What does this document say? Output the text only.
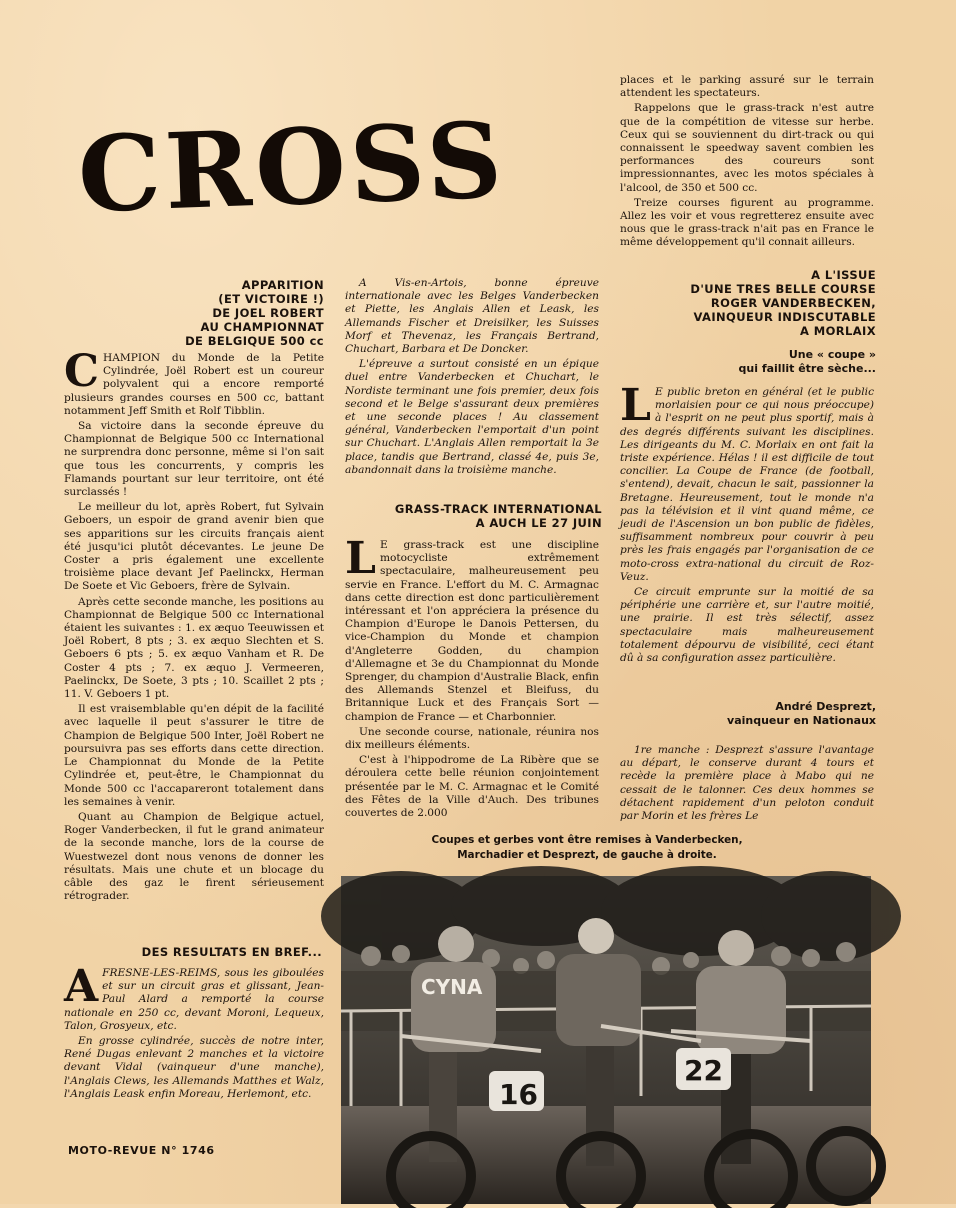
CROSS
APPARITION
(ET VICTOIRE !)
DE JOEL ROBERT
AU CHAMPIONNAT
DE BELGIQUE 500 cc

CHAMPION du Monde de la Petite Cylindrée, Joël Robert est un coureur polyvalent qui a encore remporté plusieurs grandes courses en 500 cc, battant notamment Jeff Smith et Rolf Tibblin.

Sa victoire dans la seconde épreuve du Championnat de Belgique 500 cc International ne surprendra donc personne, même si l'on sait que tous les concurrents, y compris les Flamands pourtant sur leur territoire, ont été surclassés !

Le meilleur du lot, après Robert, fut Sylvain Geboers, un espoir de grand avenir bien que ses apparitions sur les circuits français aient été jusqu'ici plutôt décevantes. Le jeune De Coster a pris également une excellente troisième place devant Jef Paelinckx, Herman De Soete et Vic Geboers, frère de Sylvain.

Après cette seconde manche, les positions au Championnat de Belgique 500 cc International étaient les suivantes : 1. ex æquo Teeuwissen et Joël Robert, 8 pts ; 3. ex æquo Slechten et S. Geboers 6 pts ; 5. ex æquo Vanham et R. De Coster 4 pts ; 7. ex æquo J. Vermeeren, Paelinckx, De Soete, 3 pts ; 10. Scaillet 2 pts ; 11. V. Geboers 1 pt.

Il est vraisemblable qu'en dépit de la facilité avec laquelle il peut s'assurer le titre de Champion de Belgique 500 Inter, Joël Robert ne poursuivra pas ses efforts dans cette direction. Le Championnat du Monde de la Petite Cylindrée et, peut-être, le Championnat du Monde 500 cc l'accapareront totalement dans les semaines à venir.

Quant au Champion de Belgique actuel, Roger Vanderbecken, il fut le grand animateur de la seconde manche, lors de la course de Wuestwezel dont nous venons de donner les résultats. Mais une chute et un blocage du câble des gaz le firent sérieusement rétrograder.

DES RESULTATS EN BREF...

AFRESNE-LES-REIMS, sous les giboulées et sur un circuit gras et glissant, Jean-Paul Alard a remporté la course nationale en 250 cc, devant Moroni, Lequeux, Talon, Grosyeux, etc.

En grosse cylindrée, succès de notre inter, René Dugas enlevant 2 manches et la victoire devant Vidal (vainqueur d'une manche), l'Anglais Clews, les Allemands Matthes et Walz, l'Anglais Leask enfin Moreau, Herlemont, etc.

MOTO-REVUE N° 1746

A Vis-en-Artois, bonne épreuve internationale avec les Belges Vanderbecken et Piette, les Anglais Allen et Leask, les Allemands Fischer et Dreisilker, les Suisses Morf et Thevenaz, les Français Bertrand, Chuchart, Barbara et De Doncker.

L'épreuve a surtout consisté en un épique duel entre Vanderbecken et Chuchart, le Nordiste terminant une fois premier, deux fois second et le Belge s'assurant deux premières et une seconde places ! Au classement général, Vanderbecken l'emportait d'un point sur Chuchart. L'Anglais Allen remportait la 3e place, tandis que Bertrand, classé 4e, puis 3e, abandonnait dans la troisième manche.

GRASS-TRACK INTERNATIONAL
A AUCH LE 27 JUIN

L E grass-track est une discipline motocycliste extrêmement spectaculaire, malheureusement peu servie en France. L'effort du M. C. Armagnac dans cette direction est donc particulièrement intéressant et l'on appréciera la présence du Champion d'Europe le Danois Pettersen, du vice-Champion du Monde et champion d'Angleterre Godden, du champion d'Allemagne et 3e du Championnat du Monde Sprenger, du champion d'Australie Black, enfin des Allemands Stenzel et Bleifuss, du Britannique Luck et des Français Sort — champion de France — et Charbonnier.

Une seconde course, nationale, réunira nos dix meilleurs éléments.

C'est à l'hippodrome de La Ribère que se déroulera cette belle réunion conjointement présentée par le M. C. Armagnac et le Comité des Fêtes de la Ville d'Auch. Des tribunes couvertes de 2.000

places et le parking assuré sur le terrain attendent les spectateurs.

Rappelons que le grass-track n'est autre que de la compétition de vitesse sur herbe. Ceux qui se souviennent du dirt-track ou qui connaissent le speedway savent combien les performances des coureurs sont impressionnantes, avec les motos spéciales à l'alcool, de 350 et 500 cc.

Treize courses figurent au programme. Allez les voir et vous regretterez ensuite avec nous que le grass-track n'ait pas en France le même développement qu'il connait ailleurs.

A L'ISSUE
D'UNE TRES BELLE COURSE
ROGER VANDERBECKEN,
VAINQUEUR INDISCUTABLE
A MORLAIX
Une « coupe »
qui faillit être sèche...

L E public breton en général (et le public morlaisien pour ce qui nous préoccupe) à l'esprit on ne peut plus sportif, mais à des degrés différents suivant les disciplines. Les dirigeants du M. C. Morlaix en ont fait la triste expérience. Hélas ! il est difficile de tout concilier. La Coupe de France (de football, s'entend), devait, chacun le sait, passionner la Bretagne. Heureusement, tout le monde n'a pas la télévision et il vint quand même, ce jeudi de l'Ascension un bon public de fidèles, suffisamment nombreux pour couvrir à peu près les frais engagés par l'organisation de ce moto-cross extra-national du circuit de Roz-Veuz.

Ce circuit emprunte sur la moitié de sa périphérie une carrière et, sur l'autre moitié, une prairie. Il est très sélectif, assez spectaculaire mais malheureusement totalement dépourvu de visibilité, ceci étant dû à sa configuration assez particulière.

André Desprezt,
vainqueur en Nationaux

1re manche : Desprezt s'assure l'avantage au départ, le conserve durant 4 tours et recède la première place à Mabo qui ne cessait de le talonner. Ces deux hommes se détachent rapidement d'un peloton conduit par Morin et les frères Le

Coupes et gerbes vont être remises à Vanderbecken, Marchadier et Desprezt, de gauche à droite.
CYNA
16
22
